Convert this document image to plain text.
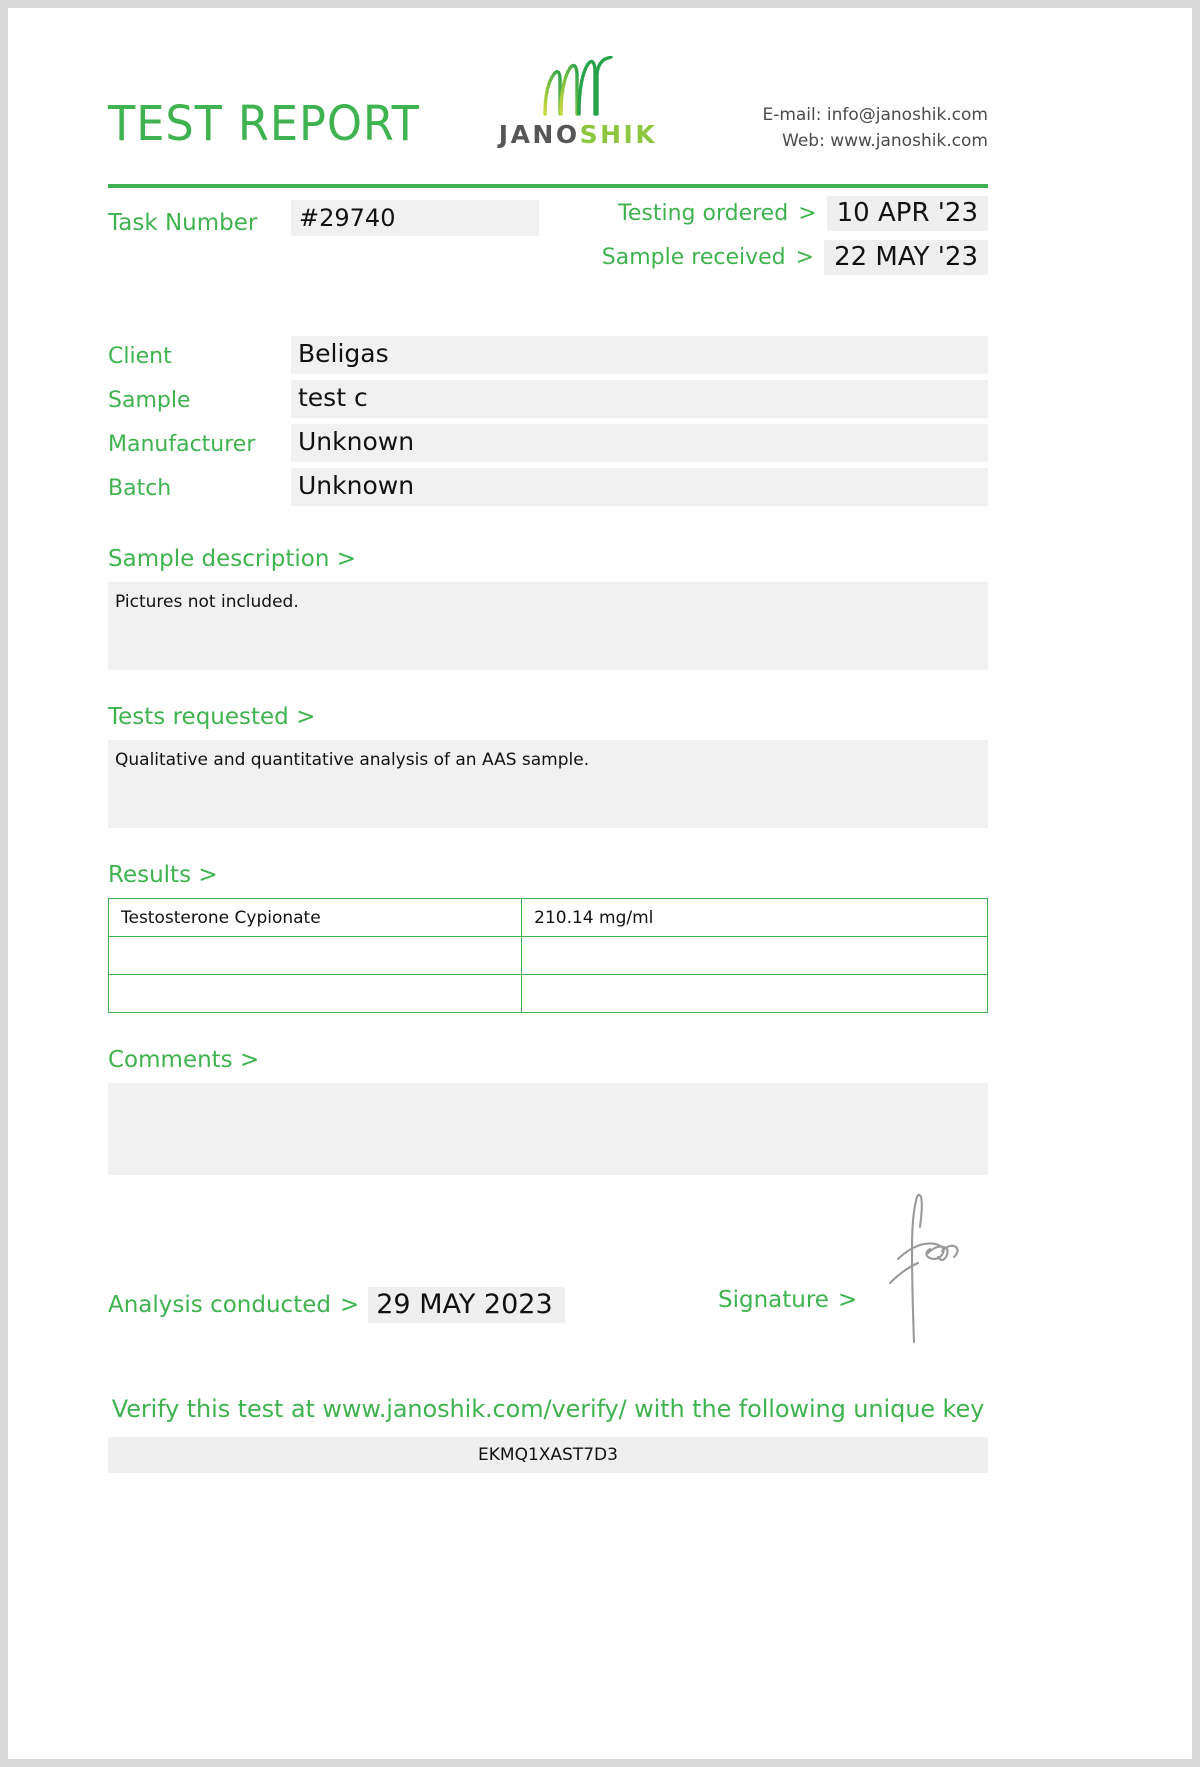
TEST REPORT	JANOSHIK
E-mail: info@janoshik.com
Web: www.janoshik.com
Task Number	#29740	Testing ordered > 10 APR '23
Sample received > 22 MAY '23
Client	Beligas
Sample	test c
Manufacturer Unknown
Batch	Unknown
Sample description >
Pictures not included.
Tests requested >
Qualitative and quantitative analysis of an AAS sample.
Results >
Testosterone Cypionate	210.14 mg/ml

Comments >
Analysis conducted > 29 MAY 2023	Signature >
Verify this test at www.janoshik.com/verify/ with the following unique key
EKMQ1XAST7D3
